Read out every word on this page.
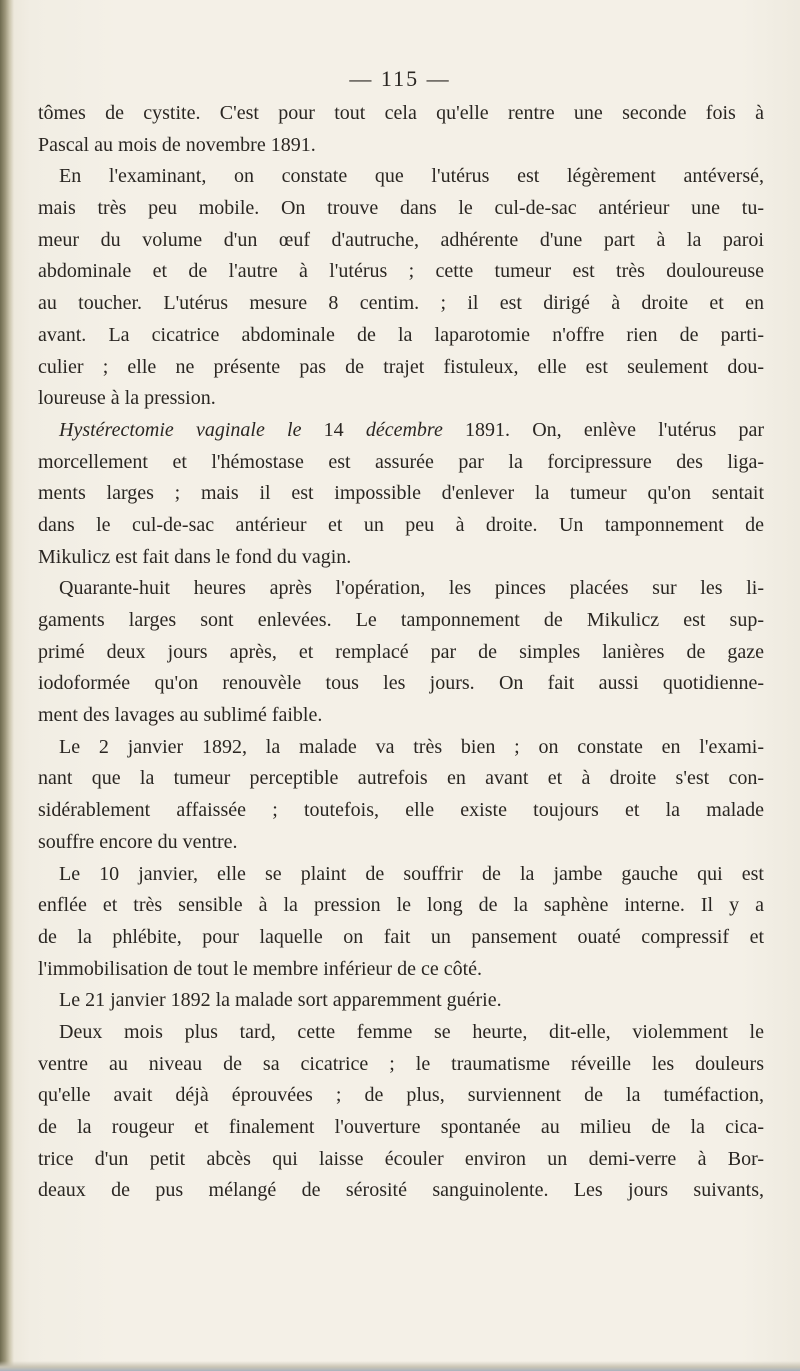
— 115 —
tômes de cystite. C'est pour tout cela qu'elle rentre une seconde fois à
Pascal au mois de novembre 1891.
En l'examinant, on constate que l'utérus est légèrement antéversé,
mais très peu mobile. On trouve dans le cul-de-sac antérieur une tu-
meur du volume d'un œuf d'autruche, adhérente d'une part à la paroi
abdominale et de l'autre à l'utérus ; cette tumeur est très douloureuse
au toucher. L'utérus mesure 8 centim. ; il est dirigé à droite et en
avant. La cicatrice abdominale de la laparotomie n'offre rien de parti-
culier ; elle ne présente pas de trajet fistuleux, elle est seulement dou-
loureuse à la pression.
Hystérectomie vaginale le 14 décembre 1891. On, enlève l'utérus par
morcellement et l'hémostase est assurée par la forcipressure des liga-
ments larges ; mais il est impossible d'enlever la tumeur qu'on sentait
dans le cul-de-sac antérieur et un peu à droite. Un tamponnement de
Mikulicz est fait dans le fond du vagin.
Quarante-huit heures après l'opération, les pinces placées sur les li-
gaments larges sont enlevées. Le tamponnement de Mikulicz est sup-
primé deux jours après, et remplacé par de simples lanières de gaze
iodoformée qu'on renouvèle tous les jours. On fait aussi quotidienne-
ment des lavages au sublimé faible.
Le 2 janvier 1892, la malade va très bien ; on constate en l'exami-
nant que la tumeur perceptible autrefois en avant et à droite s'est con-
sidérablement affaissée ; toutefois, elle existe toujours et la malade
souffre encore du ventre.
Le 10 janvier, elle se plaint de souffrir de la jambe gauche qui est
enflée et très sensible à la pression le long de la saphène interne. Il y a
de la phlébite, pour laquelle on fait un pansement ouaté compressif et
l'immobilisation de tout le membre inférieur de ce côté.
Le 21 janvier 1892 la malade sort apparemment guérie.
Deux mois plus tard, cette femme se heurte, dit-elle, violemment le
ventre au niveau de sa cicatrice ; le traumatisme réveille les douleurs
qu'elle avait déjà éprouvées ; de plus, surviennent de la tuméfaction,
de la rougeur et finalement l'ouverture spontanée au milieu de la cica-
trice d'un petit abcès qui laisse écouler environ un demi-verre à Bor-
deaux de pus mélangé de sérosité sanguinolente. Les jours suivants,
